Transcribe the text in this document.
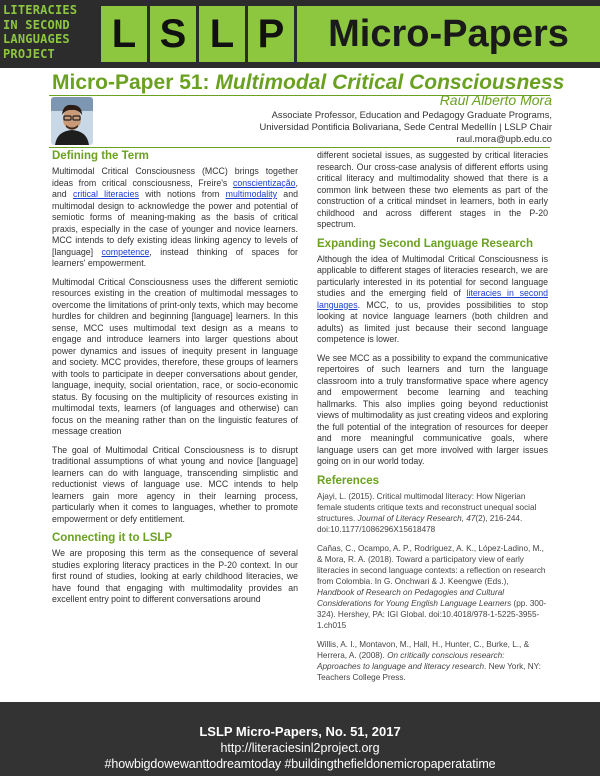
LITERACIES
IN SECOND
LANGUAGES
PROJECT	L S L P	Micro-Papers
Micro-Paper 51: Multimodal Critical Consciousness
Raúl Alberto Mora
Associate Professor, Education and Pedagogy Graduate Programs,
Universidad Pontificia Bolivariana, Sede Central Medellín | LSLP Chair
raul.mora@upb.edu.co
Defining the Term

Multimodal Critical Consciousness (MCC) brings together ideas from critical consciousness, Freire's conscientização, and critical literacies with notions from multimodality and multimodal design to acknowledge the power and potential of semiotic forms of meaning-making as the basis of critical praxis, especially in the case of younger and novice learners. MCC intends to defy existing ideas linking agency to levels of [language] competence, instead thinking of spaces for learners' empowerment.

Multimodal Critical Consciousness uses the different semiotic resources existing in the creation of multimodal messages to overcome the limitations of print-only texts, which may become hurdles for children and beginning [language] learners. In this sense, MCC uses multimodal text design as a means to engage and introduce learners into larger questions about power dynamics and issues of inequity present in language and society. MCC provides, therefore, these groups of learners with tools to participate in deeper conversations about gender, language, inequity, social orientation, race, or socio-economic status. By focusing on the multiplicity of resources existing in multimodal texts, learners (of languages and otherwise) can focus on the meaning rather than on the linguistic features of message creation

The goal of Multimodal Critical Consciousness is to disrupt traditional assumptions of what young and novice [language] learners can do with language, transcending simplistic and reductionist views of language use. MCC intends to help learners gain more agency in their learning process, particularly when it comes to languages, whether to promote empowerment or defy entitlement.

Connecting it to LSLP

We are proposing this term as the consequence of several studies exploring literacy practices in the P-20 context. In our first round of studies, looking at early childhood literacies, we have found that engaging with multimodality provides an excellent entry point to different conversations around

different societal issues, as suggested by critical literacies research. Our cross-case analysis of different efforts using critical literacy and multimodality showed that there is a common link between these two elements as part of the construction of a critical mindset in learners, both in early childhood and across different stages in the P-20 spectrum.

Expanding Second Language Research

Although the idea of Multimodal Critical Consciousness is applicable to different stages of literacies research, we are particularly interested in its potential for second language studies and the emerging field of literacies in second languages. MCC, to us, provides possibilities to stop looking at novice language learners (both children and adults) as limited just because their second language competence is lower.

We see MCC as a possibility to expand the communicative repertoires of such learners and turn the language classroom into a truly transformative space where agency and empowerment become learning and teaching hallmarks. This also implies going beyond reductionist views of multimodality as just creating videos and exploring the full potential of the integration of resources for deeper and more meaningful communicative goals, where language users can get more involved with larger issues going on in our world today.

References

Ajayi, L. (2015). Critical multimodal literacy: How Nigerian female students critique texts and reconstruct unequal social structures. Journal of Literacy Research, 47(2), 216-244. doi:10.1177/1086296X15618478

Cañas, C., Ocampo, A. P., Rodríguez, A. K., López-Ladino, M., & Mora, R. A. (2018). Toward a participatory view of early literacies in second language contexts: a reflection on research from Colombia. In G. Onchwari & J. Keengwe (Eds.), Handbook of Research on Pedagogies and Cultural Considerations for Young English Language Learners (pp. 300-324). Hershey, PA: IGI Global. doi:10.4018/978-1-5225-3955-1.ch015

Willis, A. I., Montavon, M., Hall, H., Hunter, C., Burke, L., & Herrera, A. (2008). On critically conscious research: Approaches to language and literacy research. New York, NY: Teachers College Press.

LSLP Micro-Papers, No. 51, 2017
http://literaciesinl2project.org
#howbigdowewanttodreamtoday #buildingthefieldonemicropaperatatime
